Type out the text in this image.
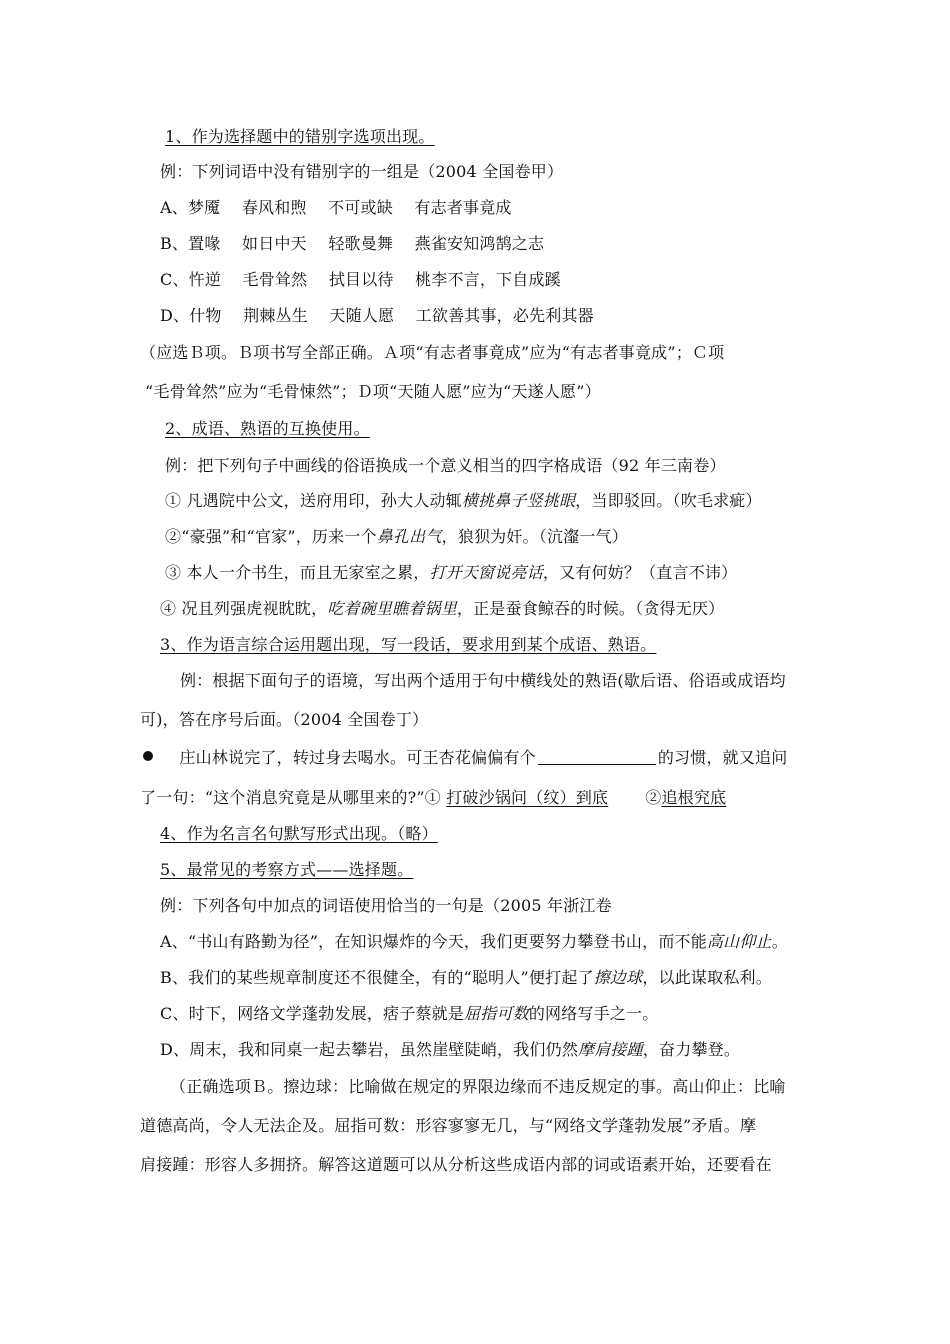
1、作为选择题中的错别字选项出现。
例：下列词语中没有错别字的一组是（2004 全国卷甲）
A、梦魇　 春风和煦　 不可或缺　 有志者事竟成
B、置喙　 如日中天　 轻歌曼舞　 燕雀安知鸿鹄之志
C、忤逆　 毛骨耸然　 拭目以待　 桃李不言，下自成蹊
D、什物　 荆棘丛生　 天随人愿　 工欲善其事，必先利其器
（应选Ｂ项。Ｂ项书写全部正确。Ａ项“有志者事竟成”应为“有志者事竟成”；Ｃ项
“毛骨耸然”应为“毛骨悚然”；Ｄ项“天随人愿”应为“天遂人愿”）
2、成语、熟语的互换使用。
例：把下列句子中画线的俗语换成一个意义相当的四字格成语（92 年三南卷）
① 凡遇院中公文，送府用印，孙大人动辄横挑鼻子竖挑眼，当即驳回。（吹毛求疵）
②“豪强”和“官家”，历来一个鼻孔出气，狼狈为奸。（沆瀣一气）
③ 本人一介书生，而且无家室之累，打开天窗说亮话，又有何妨？（直言不讳）
④ 况且列强虎视眈眈，吃着碗里瞧着锅里，正是蚕食鲸吞的时候。（贪得无厌）
3、作为语言综合运用题出现，写一段话，要求用到某个成语、熟语。
例：根据下面句子的语境，写出两个适用于句中横线处的熟语(歇后语、俗语或成语均
可)，答在序号后面。（2004 全国卷丁）
庄山林说完了，转过身去喝水。可王杏花偏偏有个	的习惯，就又追问
了一句：“这个消息究竟是从哪里来的?”① 打破沙锅问（纹）到底 ②追根究底
4、作为名言名句默写形式出现。（略）
5、最常见的考察方式——选择题。
例：下列各句中加点的词语使用恰当的一句是（2005 年浙江卷
A、“书山有路勤为径”，在知识爆炸的今天，我们更要努力攀登书山，而不能高山仰止。
B、我们的某些规章制度还不很健全，有的“聪明人”便打起了擦边球，以此谋取私利。
C、时下，网络文学蓬勃发展，痞子蔡就是屈指可数的网络写手之一。
D、周末，我和同桌一起去攀岩，虽然崖壁陡峭，我们仍然摩肩接踵，奋力攀登。
（正确选项Ｂ。擦边球：比喻做在规定的界限边缘而不违反规定的事。高山仰止：比喻
道德高尚，令人无法企及。屈指可数：形容寥寥无几，与“网络文学蓬勃发展”矛盾。摩
肩接踵：形容人多拥挤。解答这道题可以从分析这些成语内部的词或语素开始，还要看在
